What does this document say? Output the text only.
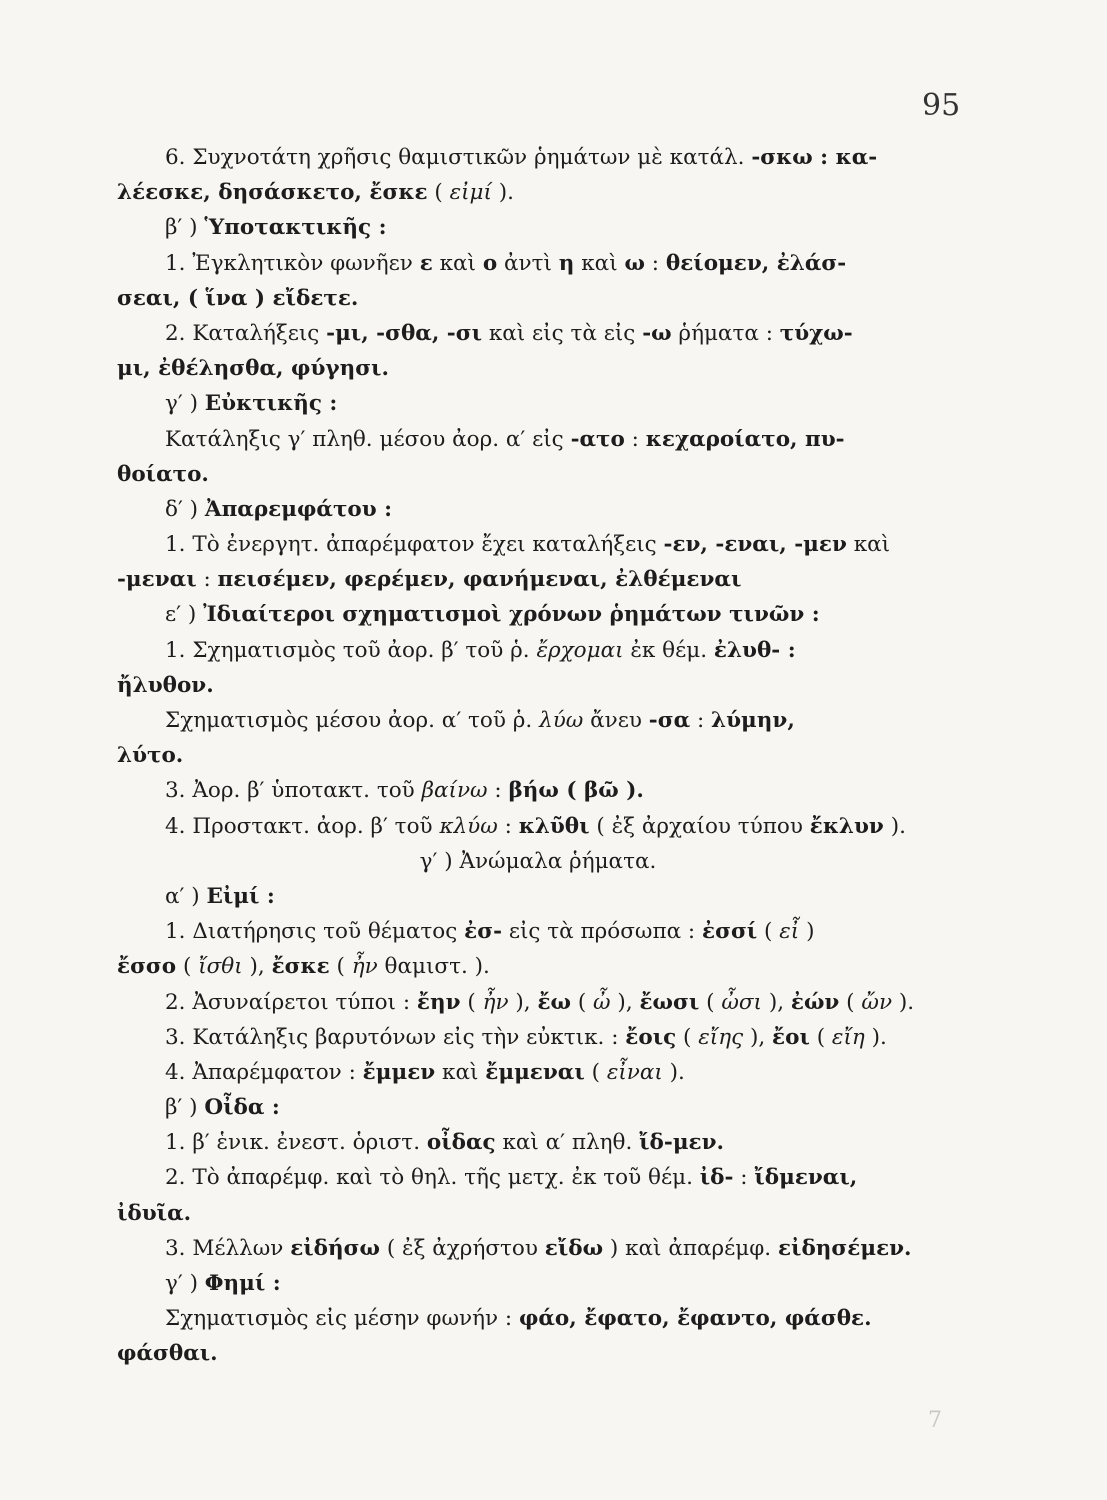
95
6. Συχνοτάτη χρῆσις θαμιστικῶν ῥημάτων μὲ κατάλ. -σκω : κα-
λέεσκε, δησάσκετο, ἔσκε ( εἰμί ).
β′ ) Ὑποτακτικῆς :
1. Ἐγκλητικὸν φωνῆεν ε καὶ ο ἀντὶ η καὶ ω : θείομεν, ἐλάσ-
σεαι, ( ἵνα ) εἴδετε.
2. Καταλήξεις -μι, -σθα, -σι καὶ εἰς τὰ εἰς -ω ῥήματα : τύχω-
μι, ἐθέλησθα, φύγησι.
γ′ ) Εὐκτικῆς :
Κατάληξις γ′ πληθ. μέσου ἀορ. α′ εἰς -ατο : κεχαροίατο, πυ-
θοίατο.
δ′ ) Ἀπαρεμφάτου :
1. Τὸ ἐνεργητ. ἀπαρέμφατον ἔχει καταλήξεις -εν, -εναι, -μεν καὶ
-μεναι : πεισέμεν, φερέμεν, φανήμεναι, ἐλθέμεναι
ε′ ) Ἰδιαίτεροι σχηματισμοὶ χρόνων ῥημάτων τινῶν :
1. Σχηματισμὸς τοῦ ἀορ. β′ τοῦ ῥ. ἔρχομαι ἐκ θέμ. ἐλυθ- :
ἤλυθον.
Σχηματισμὸς μέσου ἀορ. α′ τοῦ ῥ. λύω ἄνευ -σα : λύμην,
λύτο.
3. Ἀορ. β′ ὑποτακτ. τοῦ βαίνω : βήω ( βῶ ).
4. Προστακτ. ἀορ. β′ τοῦ κλύω : κλῦθι ( ἐξ ἀρχαίου τύπου ἔκλυν ).
γ′ ) Ἀνώμαλα ῥήματα.
α′ ) Εἰμί :
1. Διατήρησις τοῦ θέματος ἐσ- εἰς τὰ πρόσωπα : ἐσσί ( εἶ )
ἔσσο ( ἴσθι ), ἔσκε ( ἦν θαμιστ. ).
2. Ἀσυναίρετοι τύποι : ἔην ( ἦν ), ἔω ( ὦ ), ἔωσι ( ὦσι ), ἐών ( ὤν ).
3. Κατάληξις βαρυτόνων εἰς τὴν εὐκτικ. : ἔοις ( εἴης ), ἔοι ( εἴη ).
4. Ἀπαρέμφατον : ἔμμεν καὶ ἔμμεναι ( εἶναι ).
β′ ) Οἶδα :
1. β′ ἑνικ. ἐνεστ. ὁριστ. οἶδας καὶ α′ πληθ. ἴδ-μεν.
2. Τὸ ἀπαρέμφ. καὶ τὸ θηλ. τῆς μετχ. ἐκ τοῦ θέμ. ἰδ- : ἴδμεναι,
ἰδυῖα.
3. Μέλλων εἰδήσω ( ἐξ ἀχρήστου εἴδω ) καὶ ἀπαρέμφ. εἰδησέμεν.
γ′ ) Φημί :
Σχηματισμὸς εἰς μέσην φωνήν : φάο, ἔφατο, ἔφαντο, φάσθε.
φάσθαι.
7
